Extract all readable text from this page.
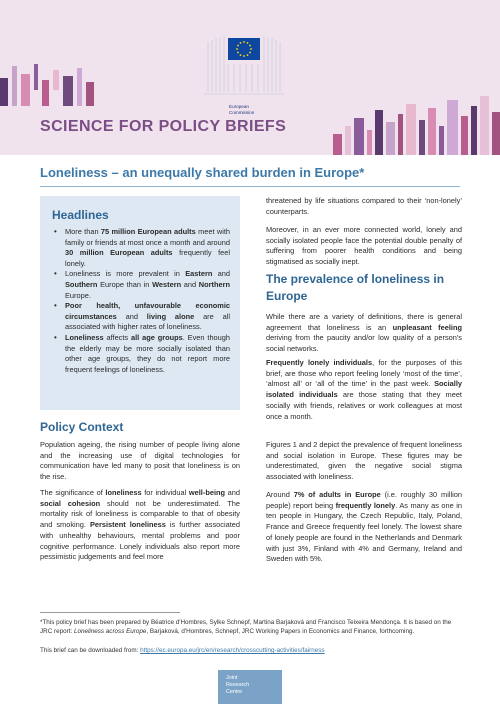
European
Commission
SCIENCE FOR POLICY BRIEFS
Loneliness – an unequally shared burden in Europe*
Headlines
• More than 75 million European adults meet with family or friends at most once a month and around 30 million European adults frequently feel lonely.
• Loneliness is more prevalent in Eastern and Southern Europe than in Western and Northern Europe.
• Poor health, unfavourable economic circumstances and living alone are all associated with higher rates of loneliness.
• Loneliness affects all age groups. Even though the elderly may be more socially isolated than other age groups, they do not report more frequent feelings of loneliness.
Policy Context
Population ageing, the rising number of people living alone and the increasing use of digital technologies for communication have led many to posit that loneliness is on the rise.
The significance of loneliness for individual well-being and social cohesion should not be underestimated. The mortality risk of loneliness is comparable to that of obesity and smoking. Persistent loneliness is further associated with unhealthy behaviours, mental problems and poor cognitive performance. Lonely individuals also report more pessimistic judgements and feel more
threatened by life situations compared to their ‘non-lonely’ counterparts.
Moreover, in an ever more connected world, lonely and socially isolated people face the potential double penalty of suffering from poorer health conditions and being stigmatised as socially inept.
The prevalence of loneliness in Europe
While there are a variety of definitions, there is general agreement that loneliness is an unpleasant feeling deriving from the paucity and/or low quality of a person's social networks.
Frequently lonely individuals, for the purposes of this brief, are those who report feeling lonely ‘most of the time’, ‘almost all’ or ‘all of the time’ in the past week. Socially isolated individuals are those stating that they meet socially with friends, relatives or work colleagues at most once a month.
Figures 1 and 2 depict the prevalence of frequent loneliness and social isolation in Europe. These figures may be underestimated, given the negative social stigma associated with loneliness.
Around 7% of adults in Europe (i.e. roughly 30 million people) report being frequently lonely. As many as one in ten people in Hungary, the Czech Republic, Italy, Poland, France and Greece frequently feel lonely. The lowest share of lonely people are found in the Netherlands and Denmark with just 3%, Finland with 4% and Germany, Ireland and Sweden with 5%.
*This policy brief has been prepared by Béatrice d'Hombres, Sylke Schnepf, Martina Barjaková and Francisco Teixeira Mendonça. It is based on the JRC report: Loneliness across Europe, Barjaková, d'Hombres, Schnepf, JRC Working Papers in Economics and Finance, forthcoming.
This brief can be downloaded from: https://ec.europa.eu/jrc/en/research/crosscutting-activities/fairness
Joint
Research
Centre
